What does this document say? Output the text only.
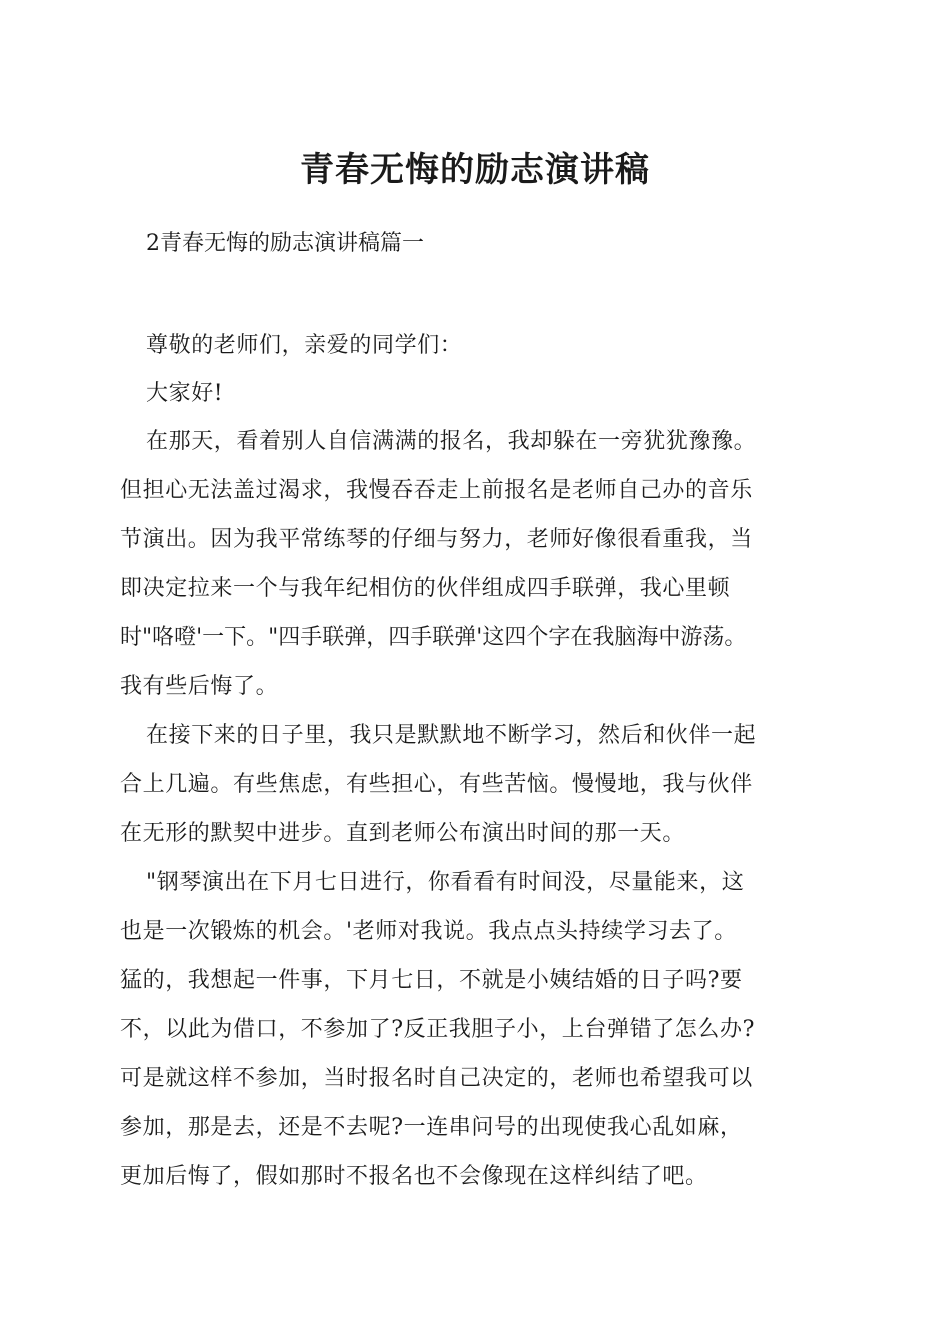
青春无悔的励志演讲稿

2青春无悔的励志演讲稿篇一

尊敬的老师们，亲爱的同学们：

大家好!

在那天，看着别人自信满满的报名，我却躲在一旁犹犹豫豫。

但担心无法盖过渴求，我慢吞吞走上前报名是老师自己办的音乐

节演出。因为我平常练琴的仔细与努力，老师好像很看重我，当

即决定拉来一个与我年纪相仿的伙伴组成四手联弹，我心里顿

时"咯噔'一下。"四手联弹，四手联弹'这四个字在我脑海中游荡。

我有些后悔了。

在接下来的日子里，我只是默默地不断学习，然后和伙伴一起

合上几遍。有些焦虑，有些担心，有些苦恼。慢慢地，我与伙伴

在无形的默契中进步。直到老师公布演出时间的那一天。

"钢琴演出在下月七日进行，你看看有时间没，尽量能来，这

也是一次锻炼的机会。'老师对我说。我点点头持续学习去了。

猛的，我想起一件事，下月七日，不就是小姨结婚的日子吗?要

不，以此为借口，不参加了?反正我胆子小，上台弹错了怎么办?

可是就这样不参加，当时报名时自己决定的，老师也希望我可以

参加，那是去，还是不去呢?一连串问号的出现使我心乱如麻，

更加后悔了，假如那时不报名也不会像现在这样纠结了吧。
